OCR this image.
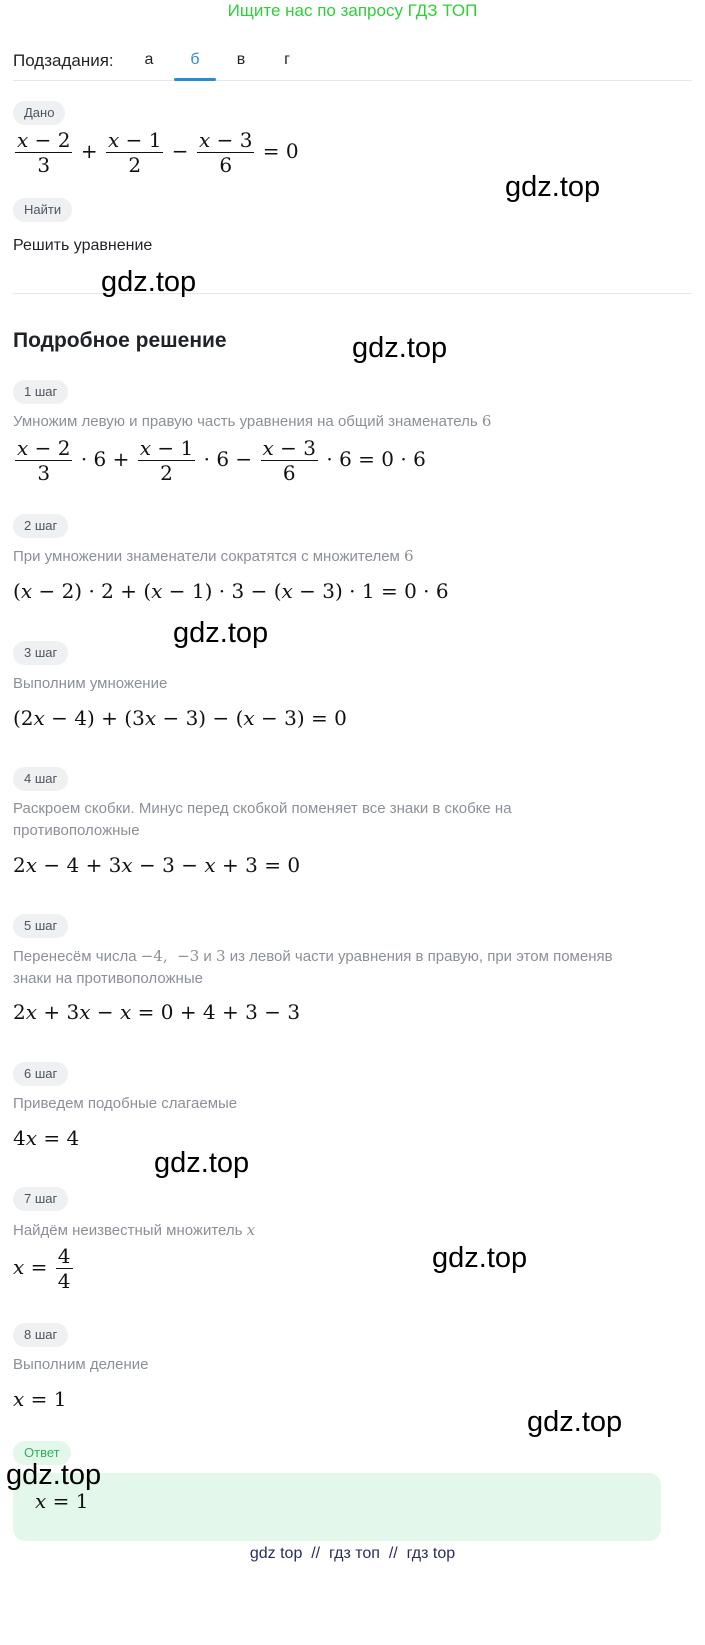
Ищите нас по запросу ГДЗ ТОП
Подзадания:	а	б	в	г
Дано
$\frac{x - 2}{3} + \frac{x - 1}{2} - \frac{x - 3}{6} = 0$
Найти
Решить уравнение
Подробное решение
1 шаг
Умножим левую и правую часть уравнения на общий знаменатель 6
$\frac{x - 2}{3} \cdot 6 + \frac{x - 1}{2} \cdot 6 - \frac{x - 3}{6} \cdot 6 = 0 \cdot 6$
2 шаг
При умножении знаменатели сократятся с множителем 6
(x − 2) · 2 + (x − 1) · 3 − (x − 3) · 1 = 0 · 6
3 шаг
Выполним умножение
(2x − 4) + (3x − 3) − (x − 3) = 0
4 шаг
Раскроем скобки. Минус перед скобкой поменяет все знаки в скобке на
противоположные
2x − 4 + 3x − 3 − x + 3 = 0
5 шаг
Перенесём числа −4,  −3 и 3 из левой части уравнения в правую, при этом поменяв
знаки на противоположные
2x + 3x − x = 0 + 4 + 3 − 3
6 шаг
Приведем подобные слагаемые
4x = 4
7 шаг
Найдём неизвестный множитель x
$x = \frac{4}{4}$
8 шаг
Выполним деление
x = 1
Ответ
x = 1
gdz.top
gdz.top
gdz.top
gdz.top
gdz.top
gdz.top
gdz.top
gdz.top
gdz top // гдз топ // гдз top
